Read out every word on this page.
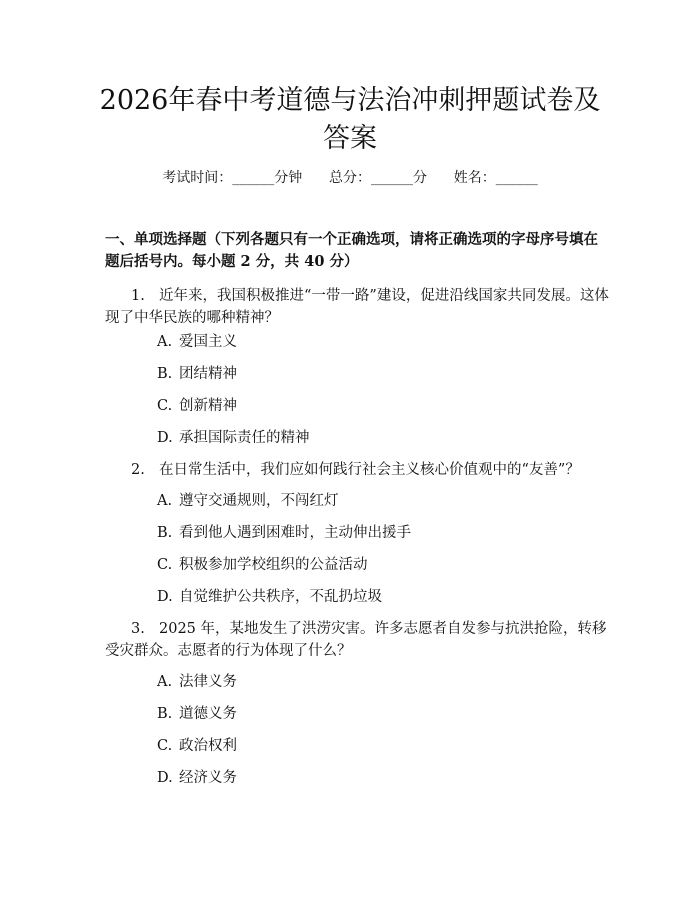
2026年春中考道德与法治冲刺押题试卷及答案
考试时间：______分钟      总分：______分      姓名：______

一、单项选择题（下列各题只有一个正确选项，请将正确选项的字母序号填在题后括号内。每小题 2 分，共 40 分）

1. 近年来，我国积极推进“一带一路”建设，促进沿线国家共同发展。这体现了中华民族的哪种精神？

A. 爱国主义
B. 团结精神
C. 创新精神
D. 承担国际责任的精神

2. 在日常生活中，我们应如何践行社会主义核心价值观中的“友善”？

A. 遵守交通规则，不闯红灯
B. 看到他人遇到困难时，主动伸出援手
C. 积极参加学校组织的公益活动
D. 自觉维护公共秩序，不乱扔垃圾

3. 2025 年，某地发生了洪涝灾害。许多志愿者自发参与抗洪抢险，转移受灾群众。志愿者的行为体现了什么？

A. 法律义务
B. 道德义务
C. 政治权利
D. 经济义务
